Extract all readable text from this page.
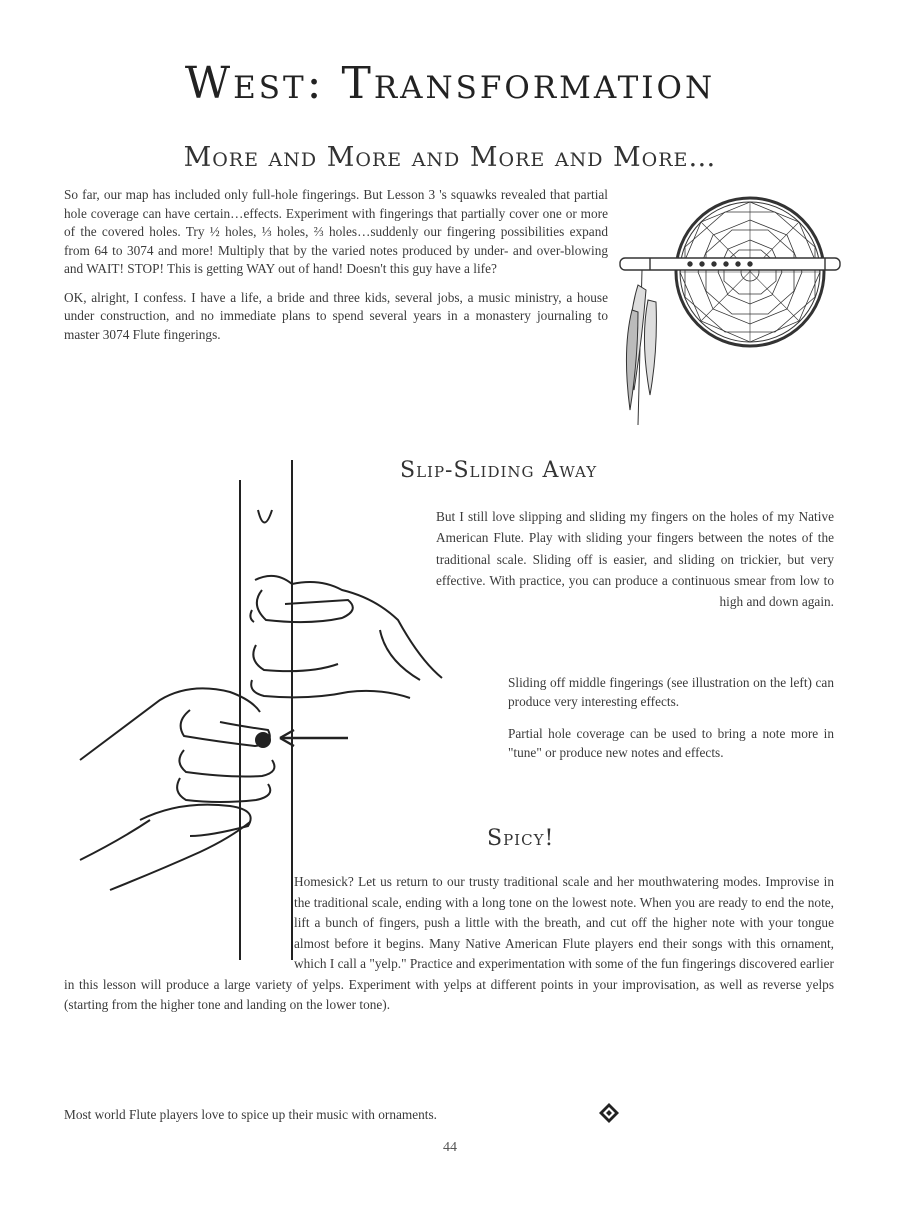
West: Transformation
More and More and More and More…

So far, our map has included only full-hole fingerings. But Lesson 3 's squawks revealed that partial hole coverage can have certain…effects. Experiment with fingerings that partially cover one or more of the covered holes. Try ½ holes, ⅓ holes, ⅔ holes…suddenly our fingering possibilities expand from 64 to 3074 and more! Multiply that by the varied notes produced by under- and over-blowing and WAIT! STOP! This is getting WAY out of hand! Doesn't this guy have a life?

OK, alright, I confess. I have a life, a bride and three kids, several jobs, a music ministry, a house under construction, and no immediate plans to spend several years in a monastery journaling to master 3074 Flute fingerings.

Slip-Sliding Away

But I still love slipping and sliding my fingers on the holes of my Native American Flute. Play with sliding your fingers between the notes of the traditional scale. Sliding off is easier, and sliding on trickier, but very effective. With practice, you can produce a continuous smear from low to high and down again.

Sliding off middle fingerings (see illustration on the left) can produce very interesting effects.

Partial hole coverage can be used to bring a note more in "tune" or produce new notes and effects.

Spicy!

Homesick? Let us return to our trusty traditional scale and her mouthwatering modes. Improvise in the traditional scale, ending with a long tone on the lowest note. When you are ready to end the note, lift a bunch of fingers, push a little with the breath, and cut off the higher note with your tongue almost before it begins. Many Native American Flute players end their songs with this ornament, which I call a "yelp." Practice and experimentation with some of the fun fingerings discovered earlier in this lesson will produce a large variety of yelps. Experiment with yelps at different points in your improvisation, as well as reverse yelps (starting from the higher tone and landing on the lower tone).

Most world Flute players love to spice up their music with ornaments.

44
